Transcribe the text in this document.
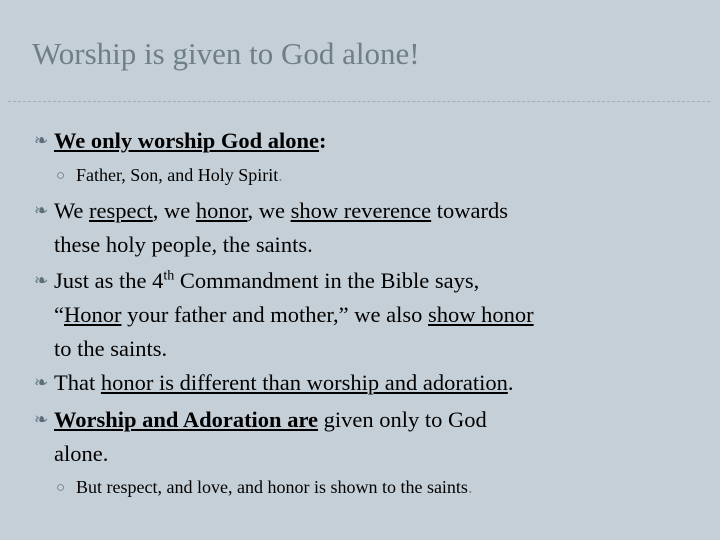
Worship is given to God alone!
❧ We only worship God alone:
○ Father, Son, and Holy Spirit.
❧ We respect, we honor, we show reverence towards
these holy people, the saints.
❧ Just as the 4th Commandment in the Bible says,
“Honor your father and mother,” we also show honor
to the saints.
❧ That honor is different than worship and adoration.
❧ Worship and Adoration are given only to God
alone.
○ But respect, and love, and honor is shown to the saints.
